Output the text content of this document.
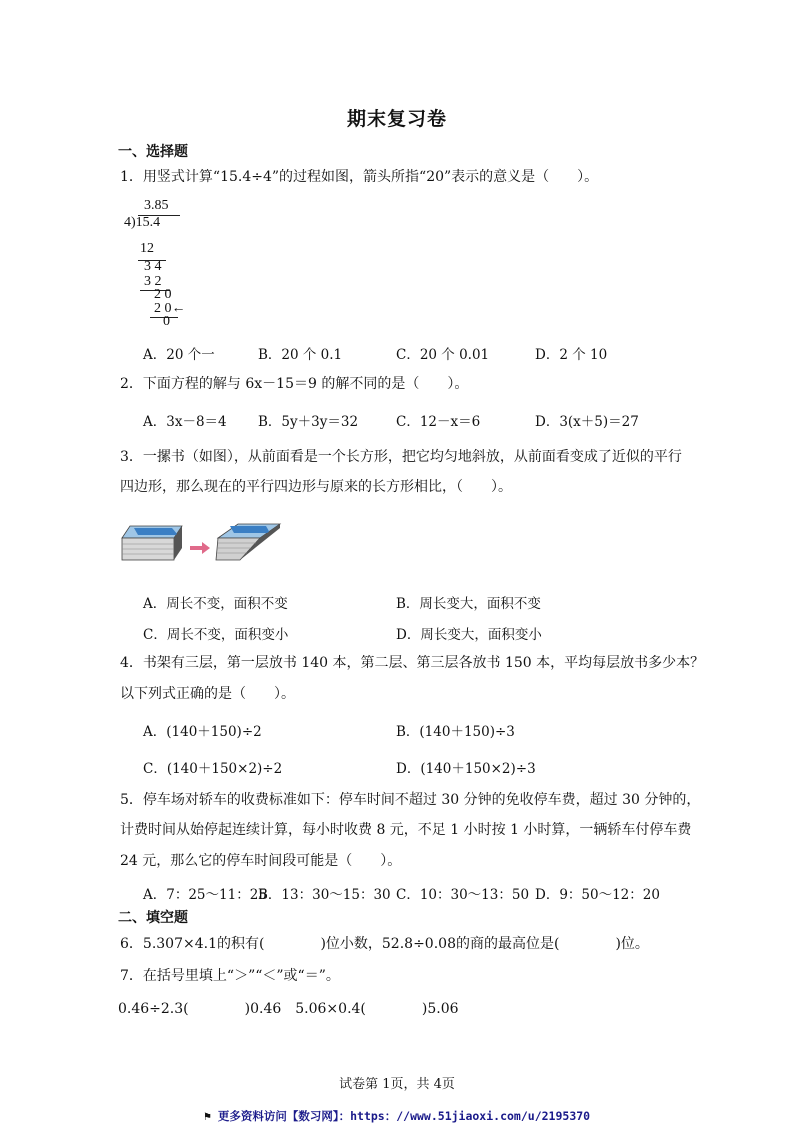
期末复习卷
一、选择题
1．用竖式计算“15.4÷4”的过程如图，箭头所指“20”表示的意义是（　　）。
3.85
4)15.4
12
3 4
3 2
2 0
2 0←
0
A．20 个一	B．20 个 0.1	C．20 个 0.01	D．2 个 10
2．下面方程的解与 6x－15＝9 的解不同的是（　　）。
A．3x－8＝4 B．5y＋3y＝32	C．12－x＝6	D．3(x＋5)＝27
3．一摞书（如图），从前面看是一个长方形，把它均匀地斜放，从前面看变成了近似的平行
四边形，那么现在的平行四边形与原来的长方形相比，（　　）。
A．周长不变，面积不变	B．周长变大，面积不变
C．周长不变，面积变小	D．周长变大，面积变小
4．书架有三层，第一层放书 140 本，第二层、第三层各放书 150 本，平均每层放书多少本？
以下列式正确的是（　　）。
A．(140＋150)÷2	B．(140＋150)÷3
C．(140＋150×2)÷2	D．(140＋150×2)÷3
5．停车场对轿车的收费标准如下：停车时间不超过 30 分钟的免收停车费，超过 30 分钟的，
计费时间从始停起连续计算，每小时收费 8 元，不足 1 小时按 1 小时算，一辆轿车付停车费
24 元，那么它的停车时间段可能是（　　）。
A．7：25～11：25
B．13：30～15：30 C．10：30～13：50 D．9：50～12：20
二、填空题
6．5.307×4.1的积有(　　　　)位小数，52.8÷0.08的商的最高位是(　　　　)位。
7．在括号里填上“＞”“＜”或“＝”。
0.46÷2.3(　　　　)0.46　5.06×0.4(　　　　)5.06
试卷第 1页，共 4页
⚑ 更多资料访问【数习网】：https：//www.51jiaoxi.com/u/2195370
